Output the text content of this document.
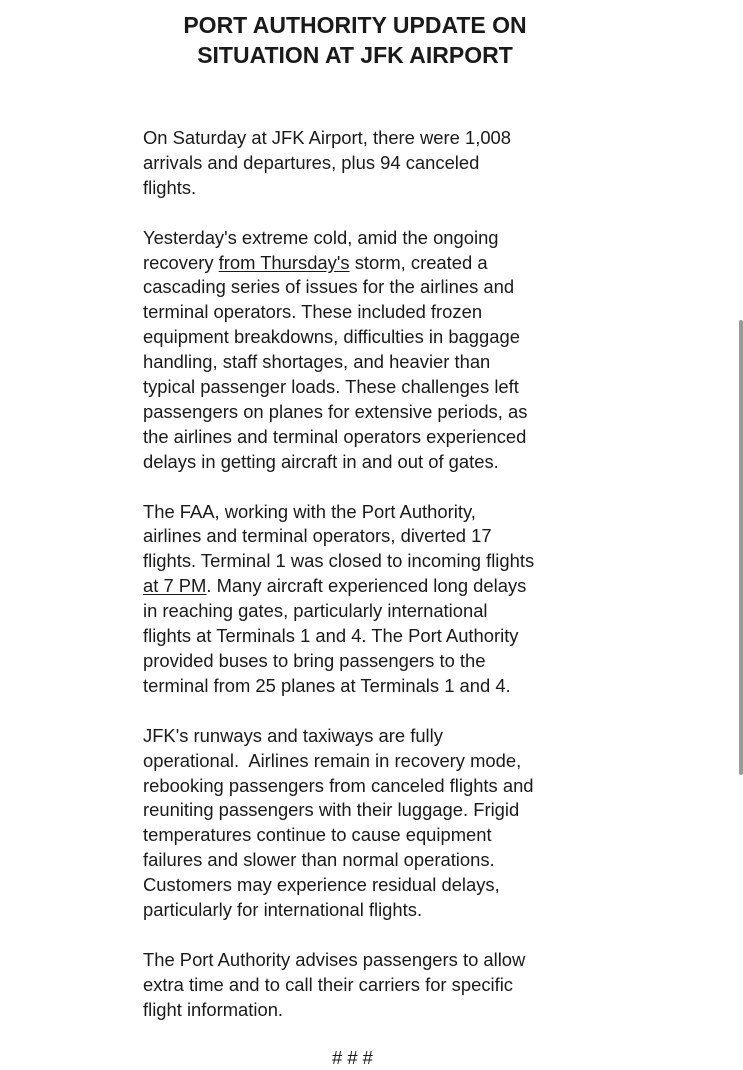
PORT AUTHORITY UPDATE ON
SITUATION AT JFK AIRPORT

On Saturday at JFK Airport, there were 1,008
arrivals and departures, plus 94 canceled
flights.

Yesterday's extreme cold, amid the ongoing
recovery from Thursday's storm, created a
cascading series of issues for the airlines and
terminal operators. These included frozen
equipment breakdowns, difficulties in baggage
handling, staff shortages, and heavier than
typical passenger loads. These challenges left
passengers on planes for extensive periods, as
the airlines and terminal operators experienced
delays in getting aircraft in and out of gates.

The FAA, working with the Port Authority,
airlines and terminal operators, diverted 17
flights. Terminal 1 was closed to incoming flights
at 7 PM. Many aircraft experienced long delays
in reaching gates, particularly international
flights at Terminals 1 and 4. The Port Authority
provided buses to bring passengers to the
terminal from 25 planes at Terminals 1 and 4.

JFK's runways and taxiways are fully
operational.  Airlines remain in recovery mode,
rebooking passengers from canceled flights and
reuniting passengers with their luggage. Frigid
temperatures continue to cause equipment
failures and slower than normal operations.
Customers may experience residual delays,
particularly for international flights.

The Port Authority advises passengers to allow
extra time and to call their carriers for specific
flight information.

# # #
